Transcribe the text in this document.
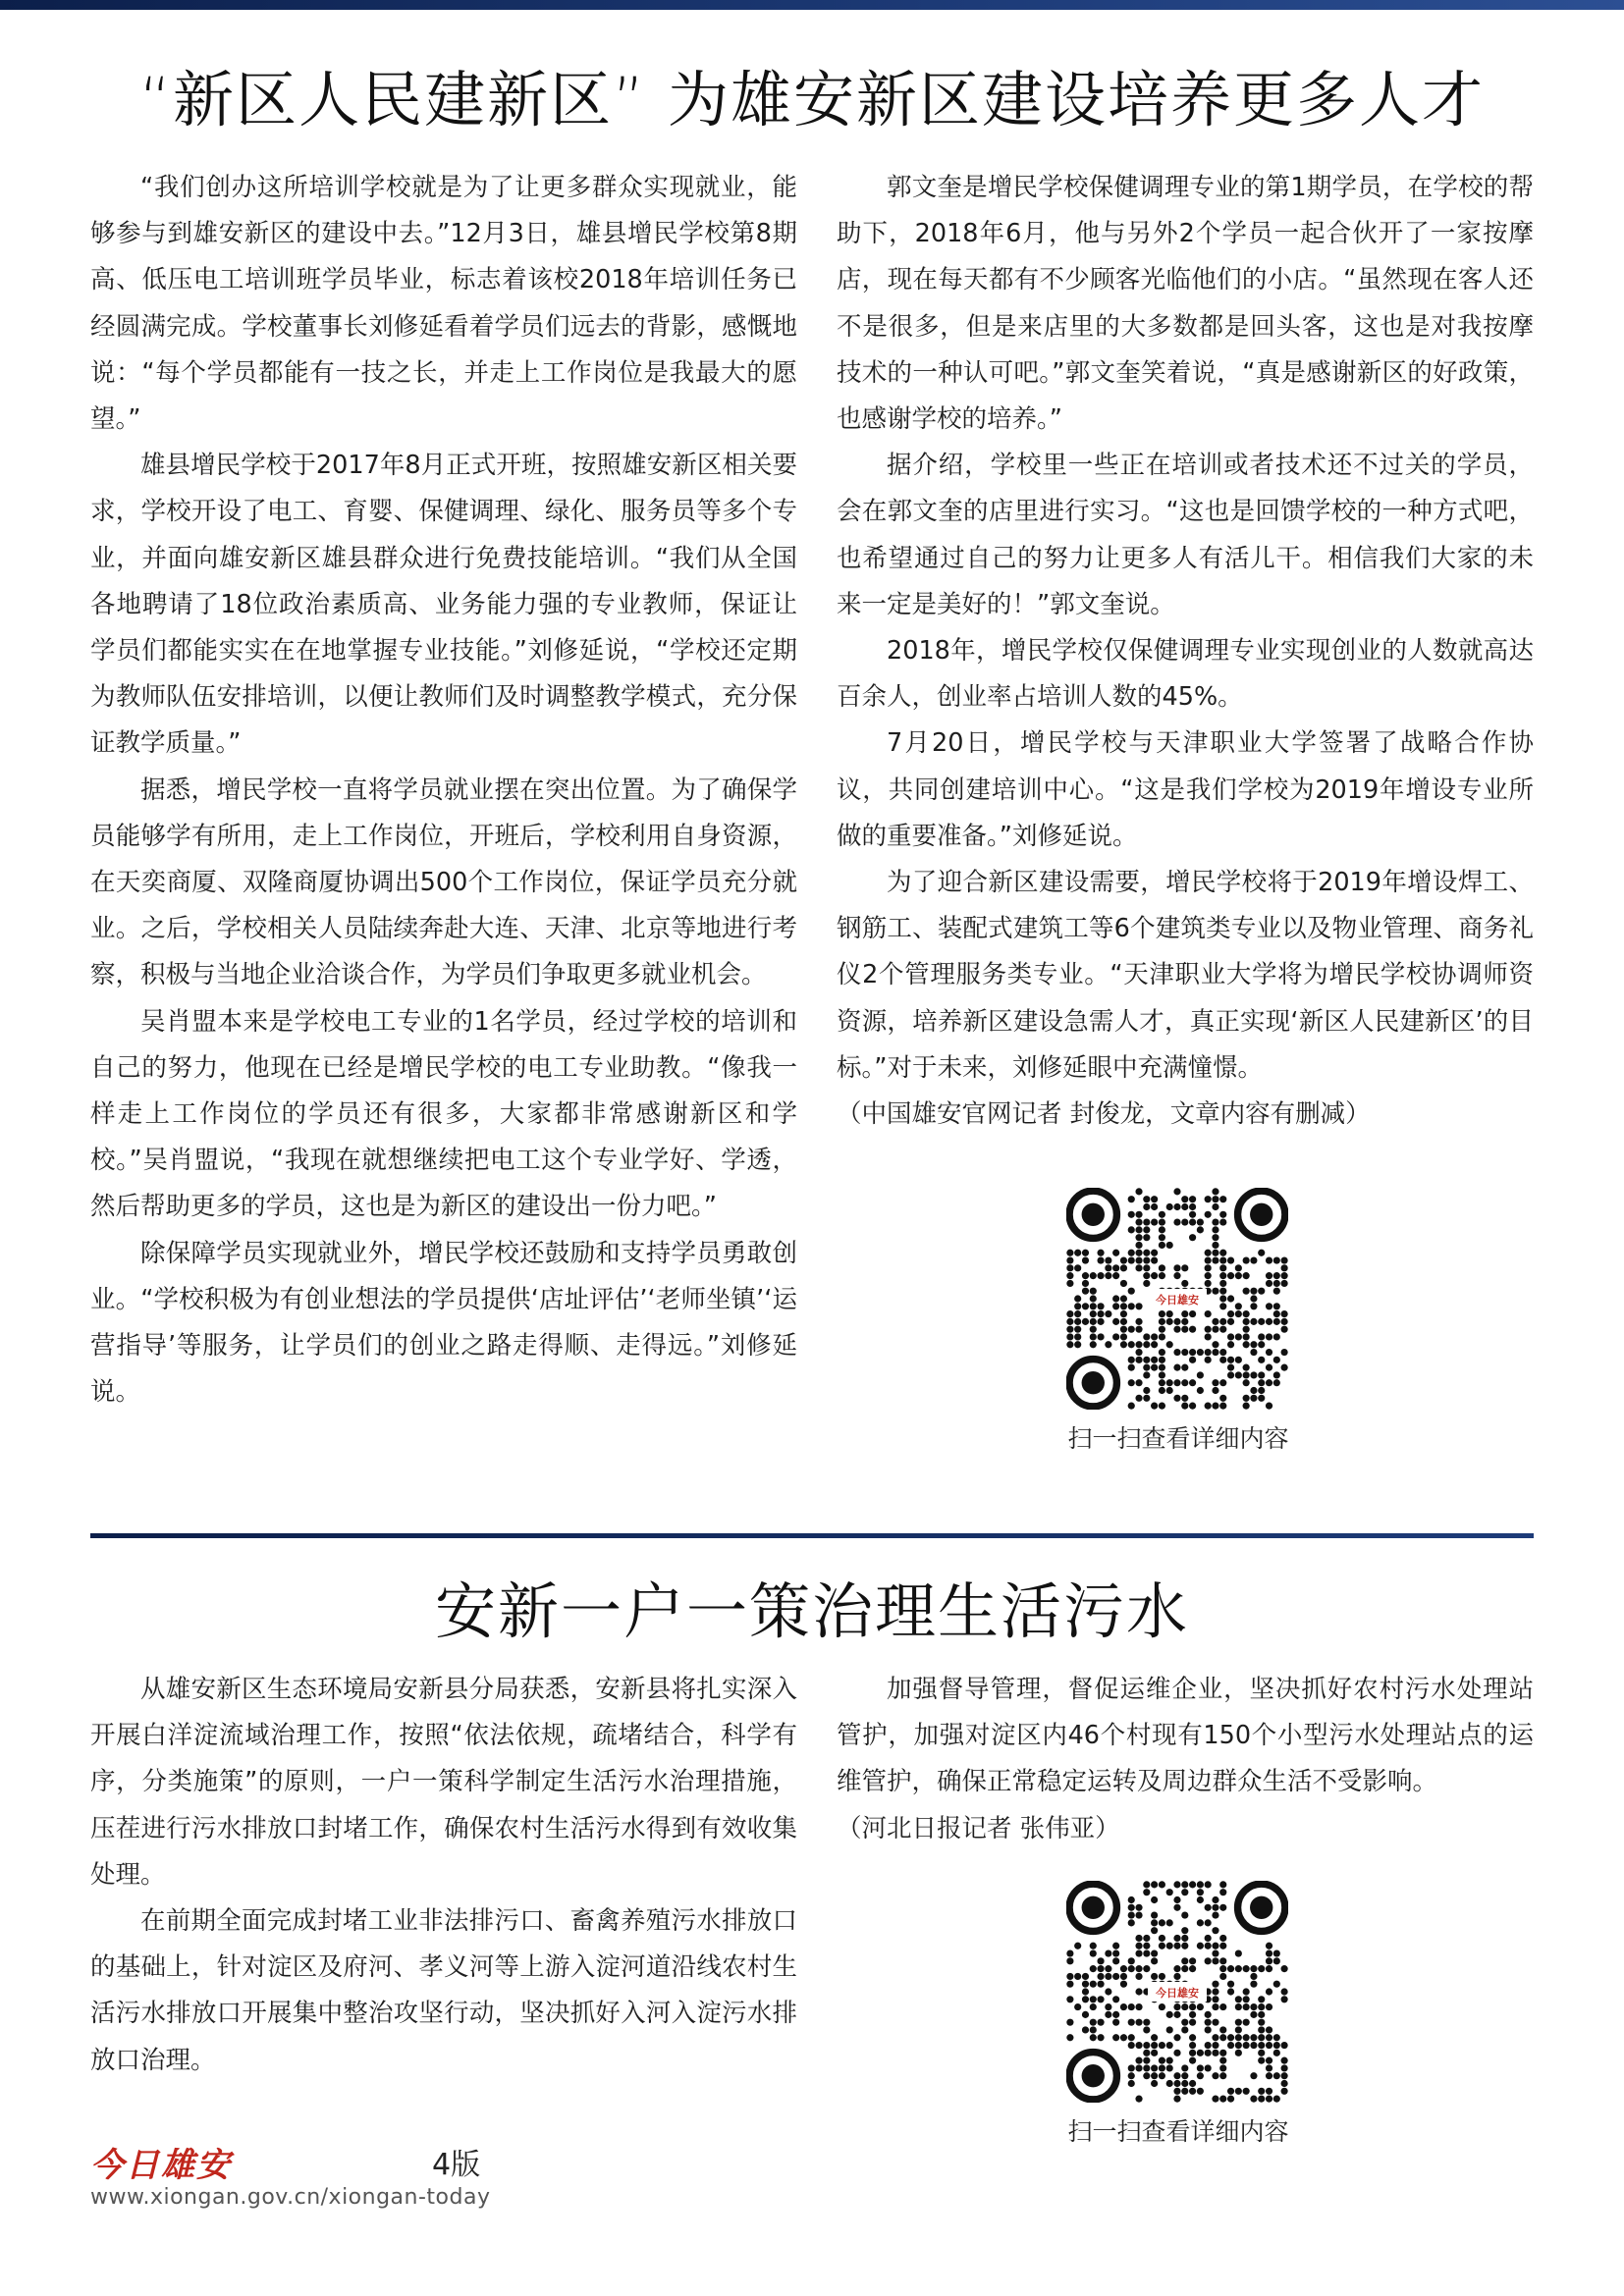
“新区人民建新区” 为雄安新区建设培养更多人才

“我们创办这所培训学校就是为了让更多群众实现就业，能够参与到雄安新区的建设中去。”12月3日，雄县增民学校第8期高、低压电工培训班学员毕业，标志着该校2018年培训任务已经圆满完成。学校董事长刘修延看着学员们远去的背影，感慨地说：“每个学员都能有一技之长，并走上工作岗位是我最大的愿望。”

雄县增民学校于2017年8月正式开班，按照雄安新区相关要求，学校开设了电工、育婴、保健调理、绿化、服务员等多个专业，并面向雄安新区雄县群众进行免费技能培训。“我们从全国各地聘请了18位政治素质高、业务能力强的专业教师，保证让学员们都能实实在在地掌握专业技能。”刘修延说，“学校还定期为教师队伍安排培训，以便让教师们及时调整教学模式，充分保证教学质量。”

据悉，增民学校一直将学员就业摆在突出位置。为了确保学员能够学有所用，走上工作岗位，开班后，学校利用自身资源，在天奕商厦、双隆商厦协调出500个工作岗位，保证学员充分就业。之后，学校相关人员陆续奔赴大连、天津、北京等地进行考察，积极与当地企业洽谈合作，为学员们争取更多就业机会。

吴肖盟本来是学校电工专业的1名学员，经过学校的培训和自己的努力，他现在已经是增民学校的电工专业助教。“像我一样走上工作岗位的学员还有很多，大家都非常感谢新区和学校。”吴肖盟说，“我现在就想继续把电工这个专业学好、学透，然后帮助更多的学员，这也是为新区的建设出一份力吧。”

除保障学员实现就业外，增民学校还鼓励和支持学员勇敢创业。“学校积极为有创业想法的学员提供‘店址评估’‘老师坐镇’‘运营指导’等服务，让学员们的创业之路走得顺、走得远。”刘修延说。

郭文奎是增民学校保健调理专业的第1期学员，在学校的帮助下，2018年6月，他与另外2个学员一起合伙开了一家按摩店，现在每天都有不少顾客光临他们的小店。“虽然现在客人还不是很多，但是来店里的大多数都是回头客，这也是对我按摩技术的一种认可吧。”郭文奎笑着说，“真是感谢新区的好政策，也感谢学校的培养。”

据介绍，学校里一些正在培训或者技术还不过关的学员，会在郭文奎的店里进行实习。“这也是回馈学校的一种方式吧，也希望通过自己的努力让更多人有活儿干。相信我们大家的未来一定是美好的！”郭文奎说。

2018年，增民学校仅保健调理专业实现创业的人数就高达百余人，创业率占培训人数的45%。

7月20日，增民学校与天津职业大学签署了战略合作协议，共同创建培训中心。“这是我们学校为2019年增设专业所做的重要准备。”刘修延说。

为了迎合新区建设需要，增民学校将于2019年增设焊工、钢筋工、装配式建筑工等6个建筑类专业以及物业管理、商务礼仪2个管理服务类专业。“天津职业大学将为增民学校协调师资资源，培养新区建设急需人才，真正实现‘新区人民建新区’的目标。”对于未来，刘修延眼中充满憧憬。

（中国雄安官网记者 封俊龙，文章内容有删减）

今日雄安
扫一扫查看详细内容
安新一户一策治理生活污水

从雄安新区生态环境局安新县分局获悉，安新县将扎实深入开展白洋淀流域治理工作，按照“依法依规，疏堵结合，科学有序，分类施策”的原则，一户一策科学制定生活污水治理措施，压茬进行污水排放口封堵工作，确保农村生活污水得到有效收集处理。

在前期全面完成封堵工业非法排污口、畜禽养殖污水排放口的基础上，针对淀区及府河、孝义河等上游入淀河道沿线农村生活污水排放口开展集中整治攻坚行动，坚决抓好入河入淀污水排放口治理。

加强督导管理，督促运维企业，坚决抓好农村污水处理站管护，加强对淀区内46个村现有150个小型污水处理站点的运维管护，确保正常稳定运转及周边群众生活不受影响。

（河北日报记者 张伟亚）

今日雄安
扫一扫查看详细内容
今日雄安	4版
www.xiongan.gov.cn/xiongan-today
